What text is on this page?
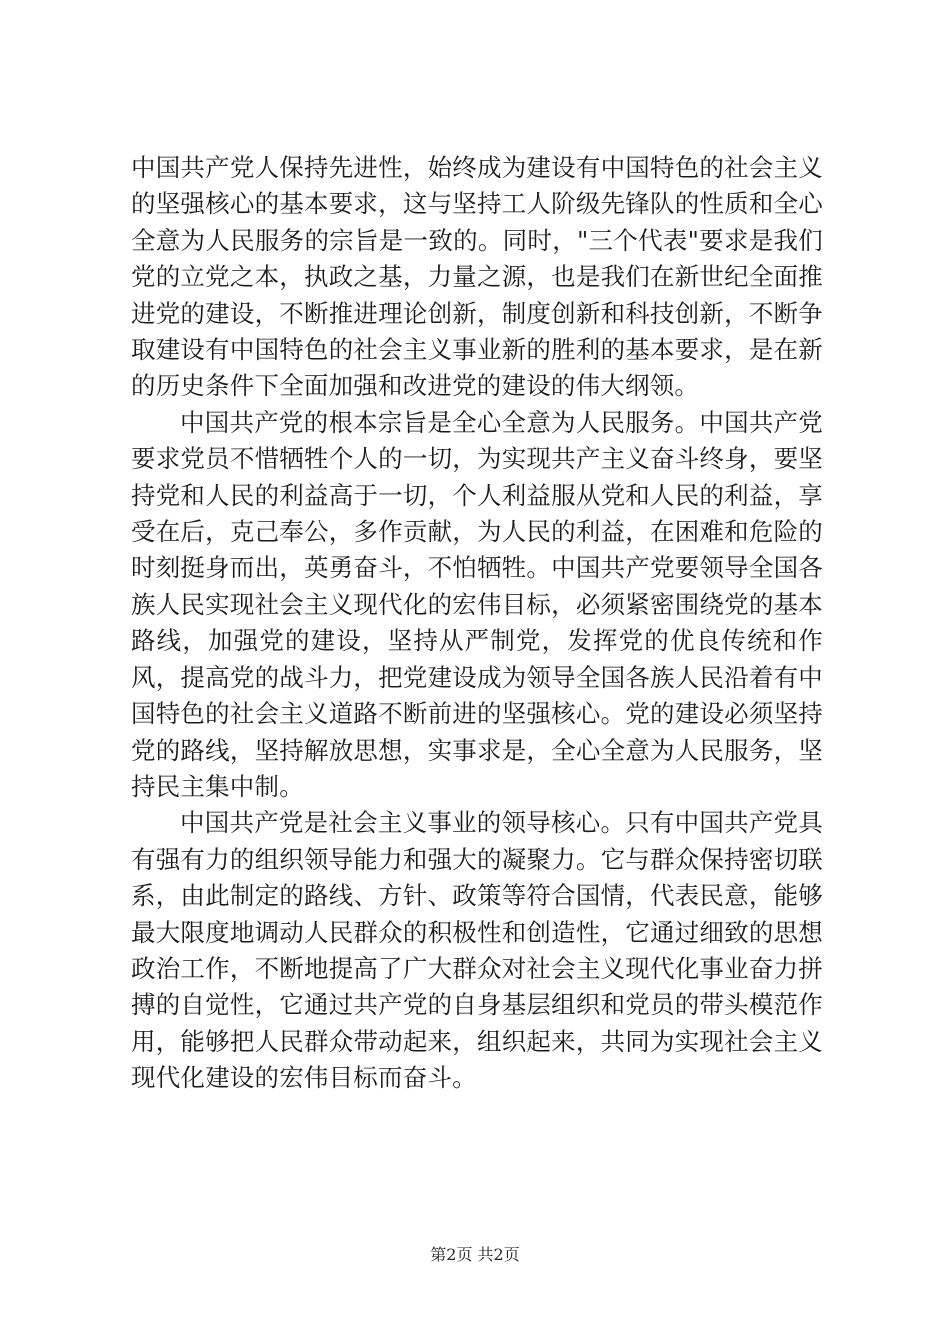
中国共产党人保持先进性，始终成为建设有中国特色的社会主义的坚强核心的基本要求，这与坚持工人阶级先锋队的性质和全心全意为人民服务的宗旨是一致的。同时，"三个代表"要求是我们党的立党之本，执政之基，力量之源，也是我们在新世纪全面推进党的建设，不断推进理论创新，制度创新和科技创新，不断争取建设有中国特色的社会主义事业新的胜利的基本要求，是在新的历史条件下全面加强和改进党的建设的伟大纲领。

中国共产党的根本宗旨是全心全意为人民服务。中国共产党要求党员不惜牺牲个人的一切，为实现共产主义奋斗终身，要坚持党和人民的利益高于一切，个人利益服从党和人民的利益，享受在后，克己奉公，多作贡献，为人民的利益，在困难和危险的时刻挺身而出，英勇奋斗，不怕牺牲。中国共产党要领导全国各族人民实现社会主义现代化的宏伟目标，必须紧密围绕党的基本路线，加强党的建设，坚持从严制党，发挥党的优良传统和作风，提高党的战斗力，把党建设成为领导全国各族人民沿着有中国特色的社会主义道路不断前进的坚强核心。党的建设必须坚持党的路线，坚持解放思想，实事求是，全心全意为人民服务，坚持民主集中制。

中国共产党是社会主义事业的领导核心。只有中国共产党具有强有力的组织领导能力和强大的凝聚力。它与群众保持密切联系，由此制定的路线、方针、政策等符合国情，代表民意，能够最大限度地调动人民群众的积极性和创造性，它通过细致的思想政治工作，不断地提高了广大群众对社会主义现代化事业奋力拼搏的自觉性，它通过共产党的自身基层组织和党员的带头模范作用，能够把人民群众带动起来，组织起来，共同为实现社会主义现代化建设的宏伟目标而奋斗。

第2页 共2页
